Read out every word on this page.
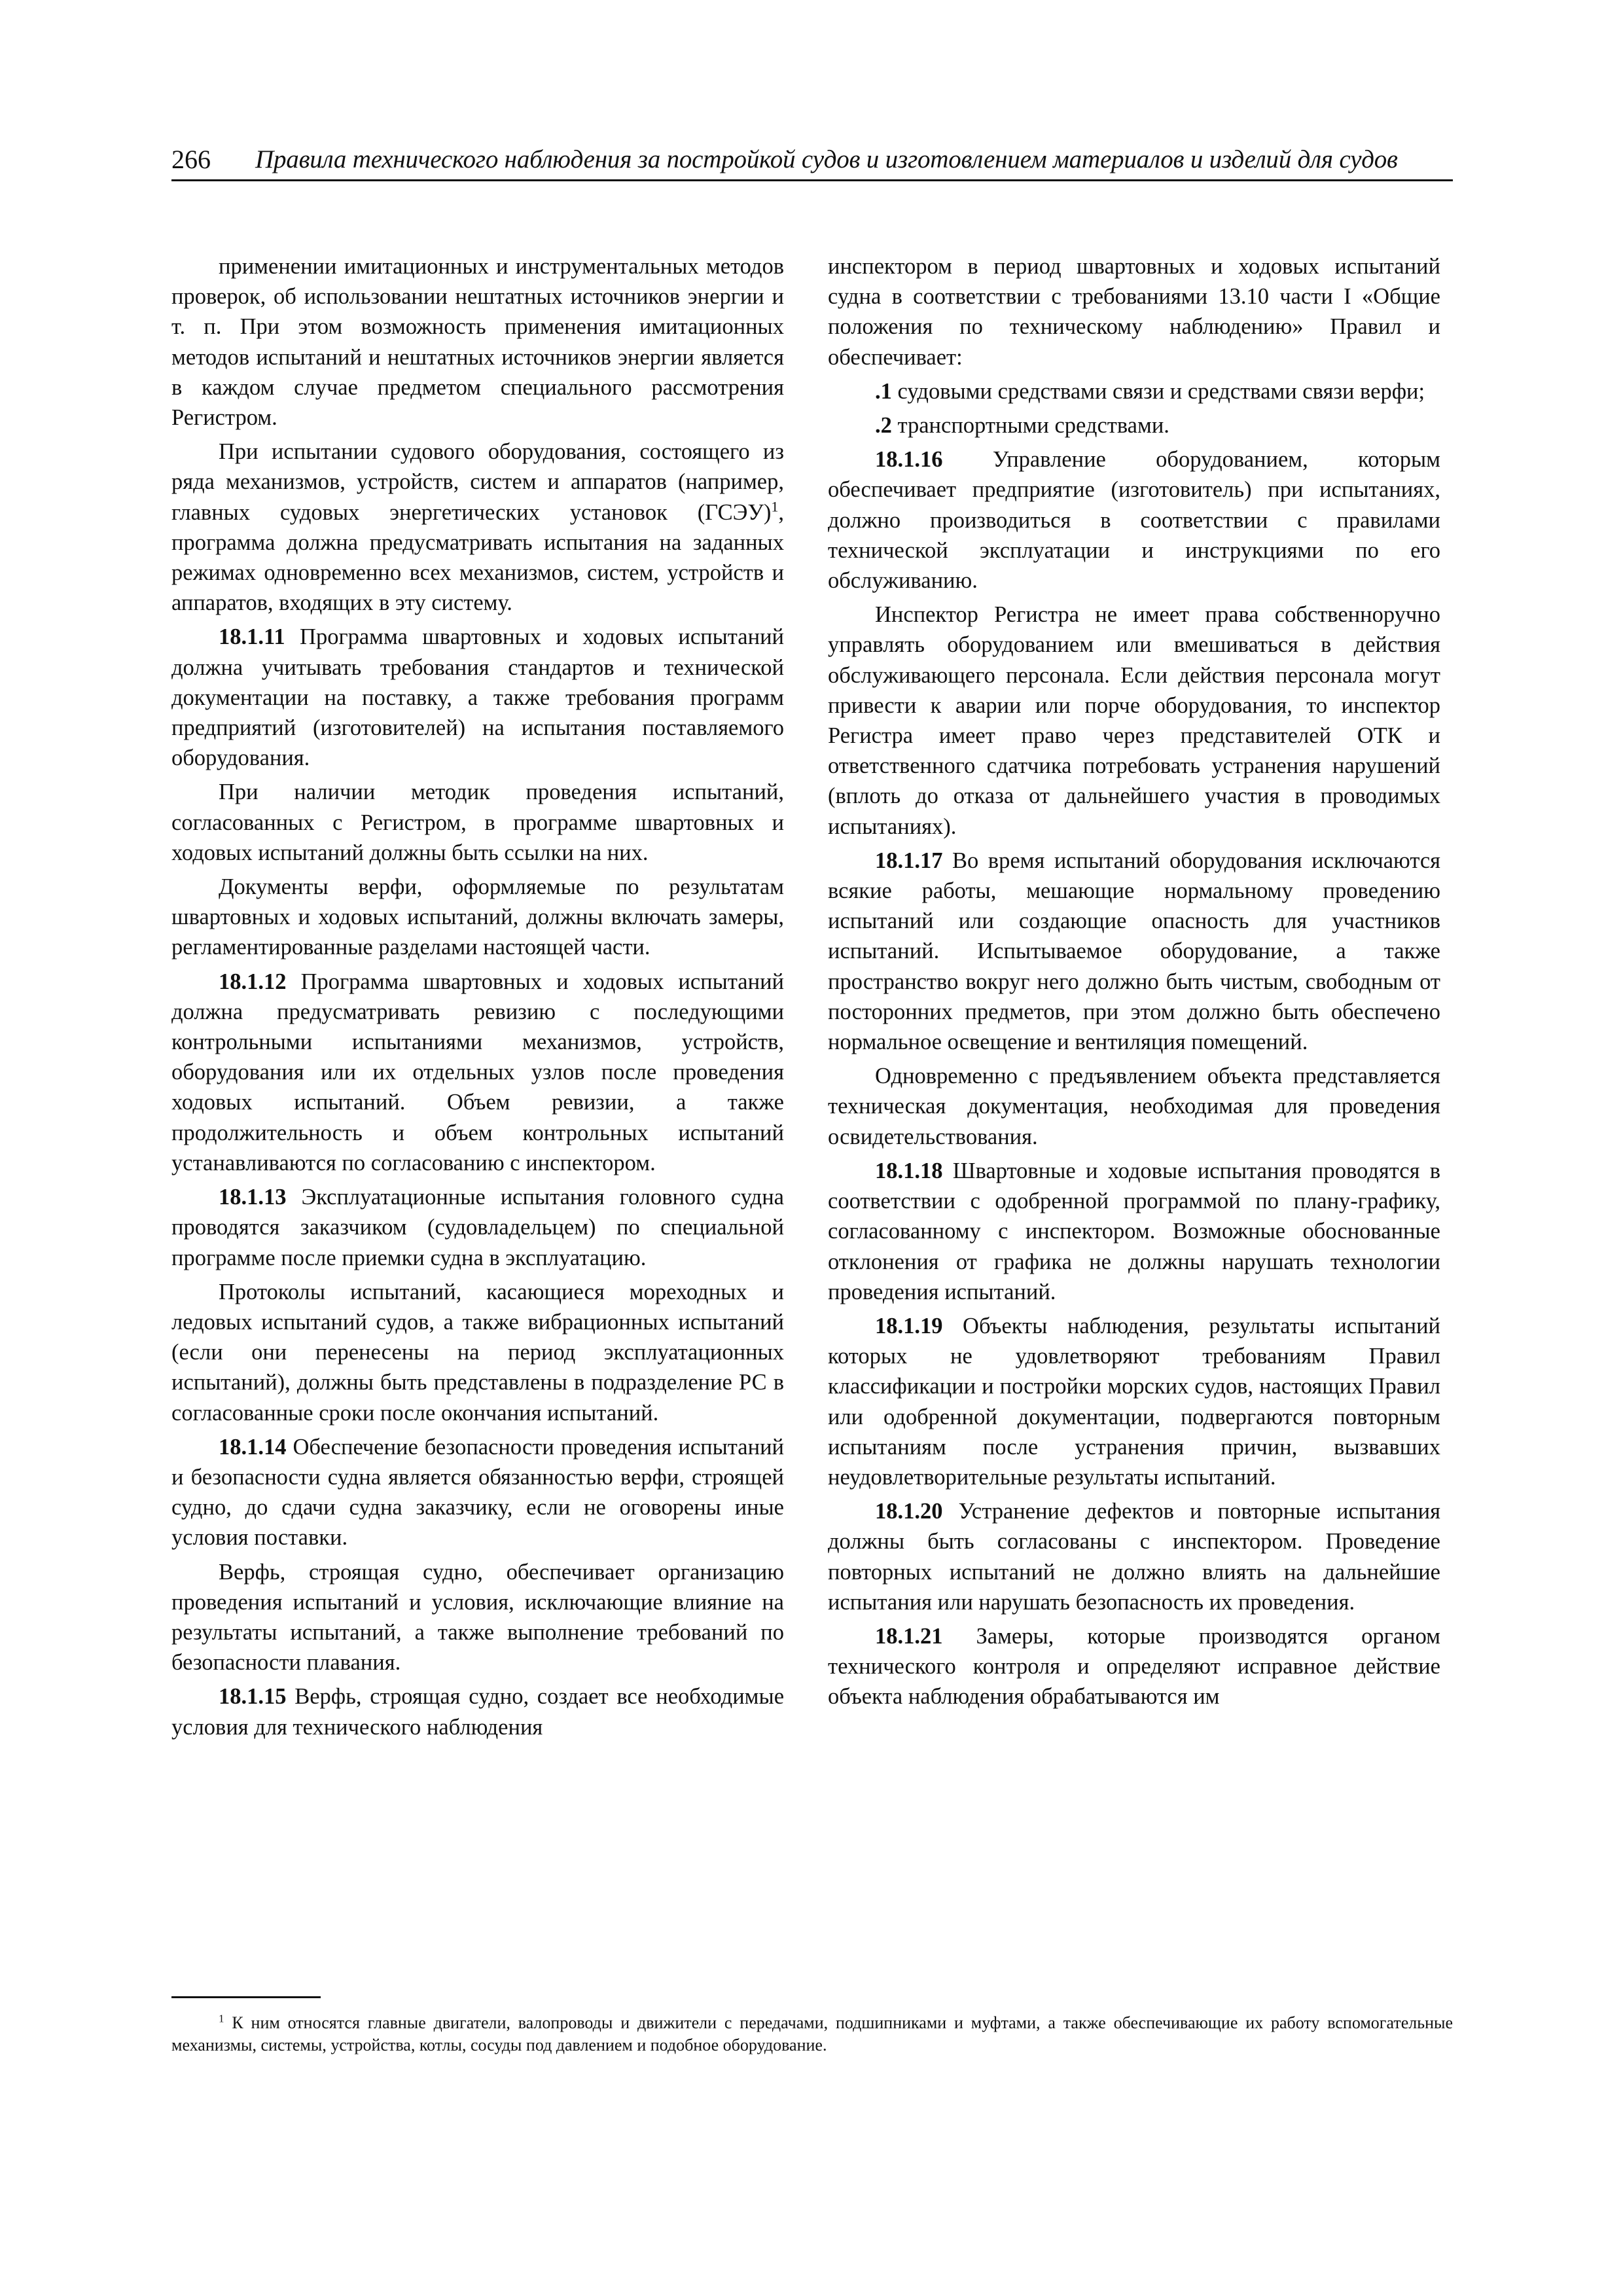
266 Правила технического наблюдения за постройкой судов и изготовлением материалов и изделий для судов

применении имитационных и инструментальных методов проверок, об использовании нештатных источников энергии и т. п. При этом возможность применения имитационных методов испытаний и нештатных источников энергии является в каждом случае предметом специального рассмотрения Регистром.

При испытании судового оборудования, состоящего из ряда механизмов, устройств, систем и аппаратов (например, главных судовых энергетических установок (ГСЭУ)$^1$, программа должна предусматривать испытания на заданных режимах одновременно всех механизмов, систем, устройств и аппаратов, входящих в эту систему.

18.1.11 Программа швартовных и ходовых испытаний должна учитывать требования стандартов и технической документации на поставку, а также требования программ предприятий (изготовителей) на испытания поставляемого оборудования.

При наличии методик проведения испытаний, согласованных с Регистром, в программе швартовных и ходовых испытаний должны быть ссылки на них.

Документы верфи, оформляемые по результатам швартовных и ходовых испытаний, должны включать замеры, регламентированные разделами настоящей части.

18.1.12 Программа швартовных и ходовых испытаний должна предусматривать ревизию с последующими контрольными испытаниями механизмов, устройств, оборудования или их отдельных узлов после проведения ходовых испытаний. Объем ревизии, а также продолжительность и объем контрольных испытаний устанавливаются по согласованию с инспектором.

18.1.13 Эксплуатационные испытания головного судна проводятся заказчиком (судовладельцем) по специальной программе после приемки судна в эксплуатацию.

Протоколы испытаний, касающиеся мореходных и ледовых испытаний судов, а также вибрационных испытаний (если они перенесены на период эксплуатационных испытаний), должны быть представлены в подразделение РС в согласованные сроки после окончания испытаний.

18.1.14 Обеспечение безопасности проведения испытаний и безопасности судна является обязанностью верфи, строящей судно, до сдачи судна заказчику, если не оговорены иные условия поставки.

Верфь, строящая судно, обеспечивает организацию проведения испытаний и условия, исключающие влияние на результаты испытаний, а также выполнение требований по безопасности плавания.

18.1.15 Верфь, строящая судно, создает все необходимые условия для технического наблюдения

инспектором в период швартовных и ходовых испытаний судна в соответствии с требованиями 13.10 части I «Общие положения по техническому наблюдению» Правил и обеспечивает:

.1 судовыми средствами связи и средствами связи верфи;

.2 транспортными средствами.

18.1.16 Управление оборудованием, которым обеспечивает предприятие (изготовитель) при испытаниях, должно производиться в соответствии с правилами технической эксплуатации и инструкциями по его обслуживанию.

Инспектор Регистра не имеет права собственноручно управлять оборудованием или вмешиваться в действия обслуживающего персонала. Если действия персонала могут привести к аварии или порче оборудования, то инспектор Регистра имеет право через представителей ОТК и ответственного сдатчика потребовать устранения нарушений (вплоть до отказа от дальнейшего участия в проводимых испытаниях).

18.1.17 Во время испытаний оборудования исключаются всякие работы, мешающие нормальному проведению испытаний или создающие опасность для участников испытаний. Испытываемое оборудование, а также пространство вокруг него должно быть чистым, свободным от посторонних предметов, при этом должно быть обеспечено нормальное освещение и вентиляция помещений.

Одновременно с предъявлением объекта представляется техническая документация, необходимая для проведения освидетельствования.

18.1.18 Швартовные и ходовые испытания проводятся в соответствии с одобренной программой по плану-графику, согласованному с инспектором. Возможные обоснованные отклонения от графика не должны нарушать технологии проведения испытаний.

18.1.19 Объекты наблюдения, результаты испытаний которых не удовлетворяют требованиям Правил классификации и постройки морских судов, настоящих Правил или одобренной документации, подвергаются повторным испытаниям после устранения причин, вызвавших неудовлетворительные результаты испытаний.

18.1.20 Устранение дефектов и повторные испытания должны быть согласованы с инспектором. Проведение повторных испытаний не должно влиять на дальнейшие испытания или нарушать безопасность их проведения.

18.1.21 Замеры, которые производятся органом технического контроля и определяют исправное действие объекта наблюдения обрабатываются им

$^1$ К ним относятся главные двигатели, валопроводы и движители с передачами, подшипниками и муфтами, а также обеспечивающие их работу вспомогательные механизмы, системы, устройства, котлы, сосуды под давлением и подобное оборудование.
